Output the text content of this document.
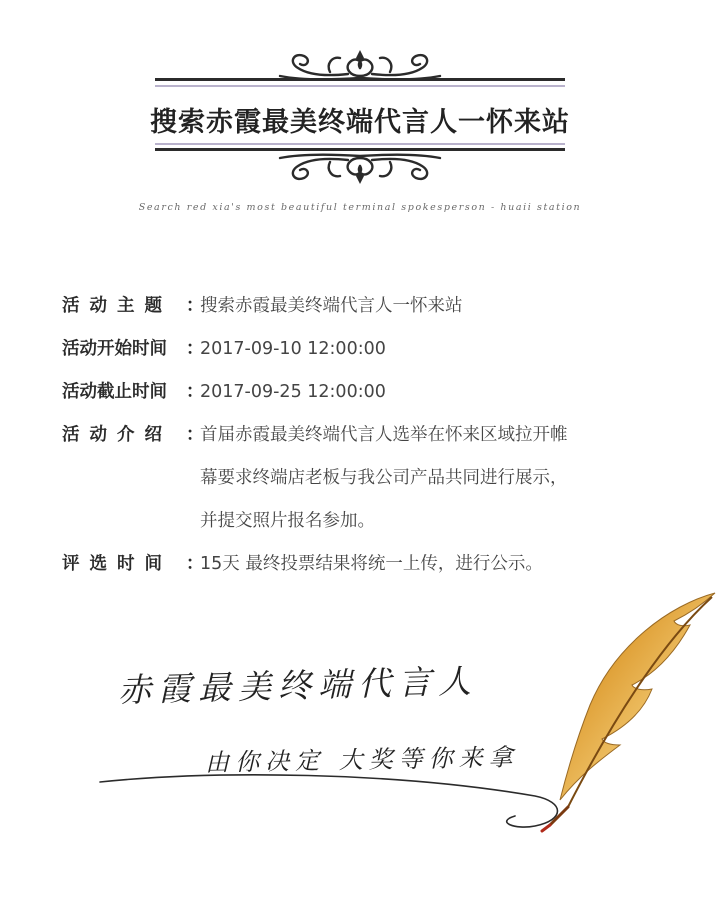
搜索赤霞最美终端代言人一怀来站
Search red xia's most beautiful terminal spokesperson - huaii station
活动主题 ：
搜索赤霞最美终端代言人一怀来站
活动开始时间	：
2017-09-10 12:00:00
活动截止时间	：
2017-09-25 12:00:00
活动介绍 ：
首届赤霞最美终端代言人选举在怀来区域拉开帷
幕要求终端店老板与我公司产品共同进行展示，
并提交照片报名参加。
评选时间 ：
15天 最终投票结果将统一上传，进行公示。
赤霞最美终端代言人
由你决定 大奖等你来拿
